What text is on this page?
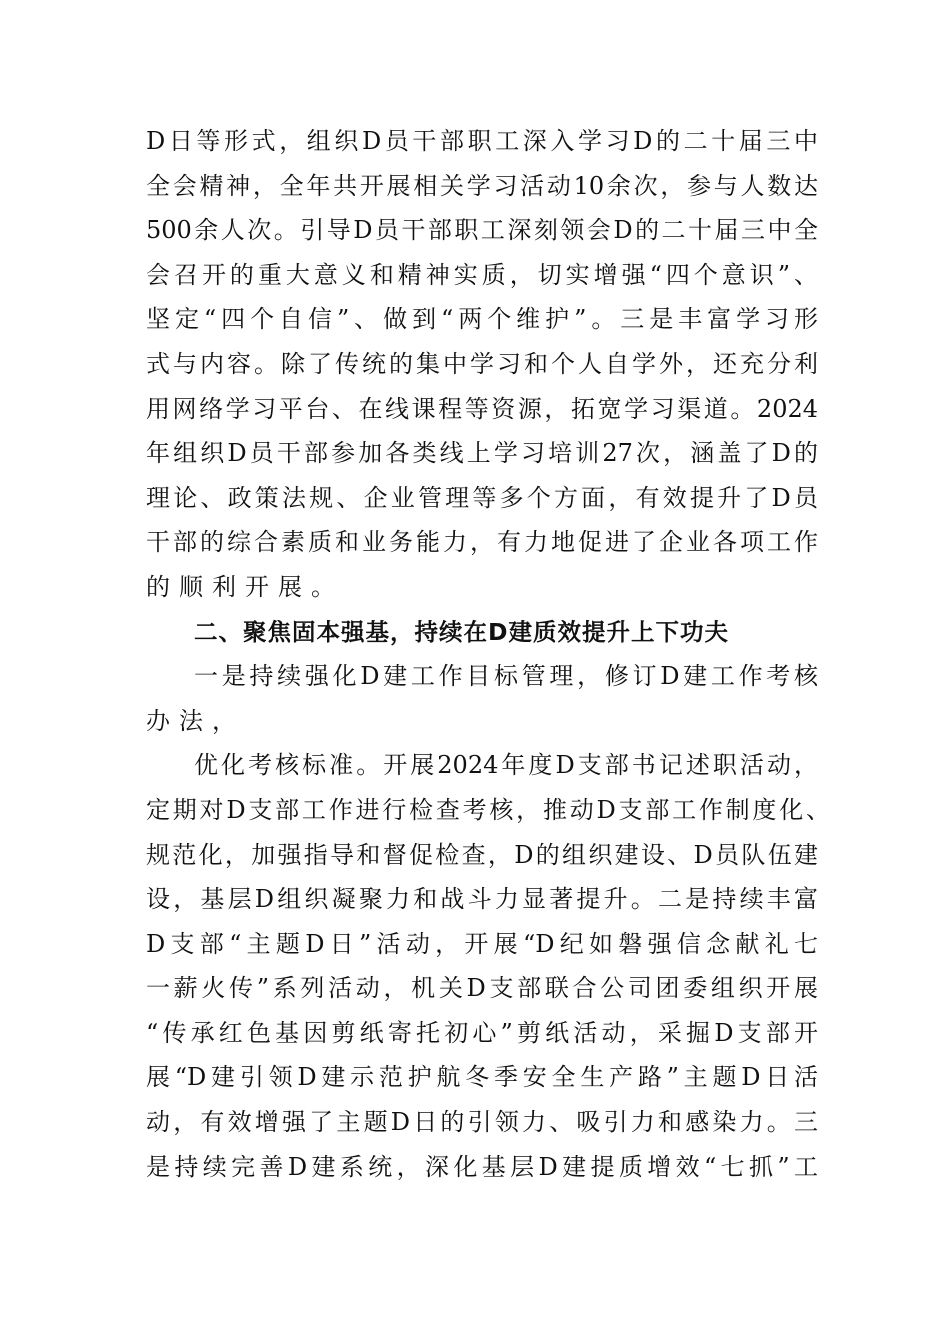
D日等形式，组织D员干部职工深入学习D的二十届三中
全会精神，全年共开展相关学习活动10余次，参与人数达
500余人次。引导D员干部职工深刻领会D的二十届三中全
会召开的重大意义和精神实质，切实增强“四个意识”、
坚定“四个自信”、做到“两个维护”。三是丰富学习形
式与内容。除了传统的集中学习和个人自学外，还充分利
用网络学习平台、在线课程等资源，拓宽学习渠道。2024
年组织D员干部参加各类线上学习培训27次，涵盖了D的
理论、政策法规、企业管理等多个方面，有效提升了D员
干部的综合素质和业务能力，有力地促进了企业各项工作
的顺利开展。
二、聚焦固本强基，持续在D建质效提升上下功夫
一是持续强化D建工作目标管理，修订D建工作考核
办法，
优化考核标准。开展2024年度D支部书记述职活动，
定期对D支部工作进行检查考核，推动D支部工作制度化、
规范化，加强指导和督促检查，D的组织建设、D员队伍建
设，基层D组织凝聚力和战斗力显著提升。二是持续丰富
D支部“主题D日”活动，开展“D纪如磐强信念献礼七
一薪火传”系列活动，机关D支部联合公司团委组织开展
“传承红色基因剪纸寄托初心”剪纸活动，采掘D支部开
展“D建引领D建示范护航冬季安全生产路”主题D日活
动，有效增强了主题D日的引领力、吸引力和感染力。三
是持续完善D建系统，深化基层D建提质增效“七抓”工
